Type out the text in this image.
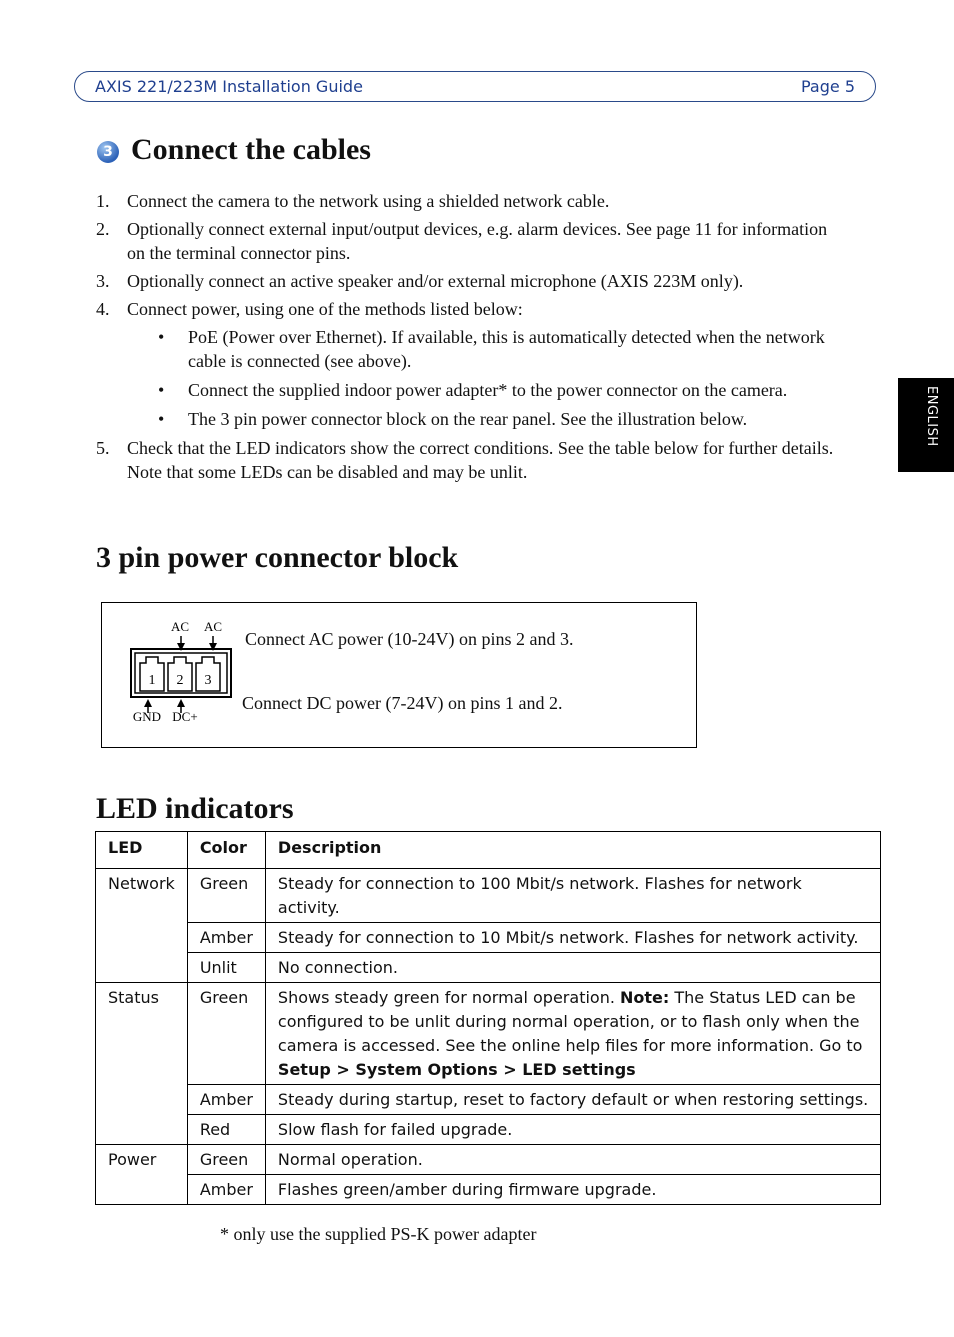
AXIS 221/223M Installation Guide	Page 5
ENGLISH
3 Connect the cables
1. Connect the camera to the network using a shielded network cable.
2. Optionally connect external input/output devices, e.g. alarm devices. See page 11 for information on the terminal connector pins.
3. Optionally connect an active speaker and/or external microphone (AXIS 223M only).
4. Connect power, using one of the methods listed below:
•	PoE (Power over Ethernet). If available, this is automatically detected when the network cable is connected (see above).
•	Connect the supplied indoor power adapter* to the power connector on the camera.
•	The 3 pin power connector block on the rear panel. See the illustration below.
5. Check that the LED indicators show the correct conditions. See the table below for further details. Note that some LEDs can be disabled and may be unlit.
3 pin power connector block
AC AC
1 2 3
GND DC+
Connect AC power (10-24V) on pins 2 and 3.
Connect DC power (7-24V) on pins 1 and 2.
LED indicators
LED	Color	Description
Network	Green	Steady for connection to 100 Mbit/s network. Flashes for network activity.
	Amber	Steady for connection to 10 Mbit/s network. Flashes for network activity.
	Unlit	No connection.
Status	Green	Shows steady green for normal operation. Note: The Status LED can be configured to be unlit during normal operation, or to flash only when the camera is accessed. See the online help files for more information. Go to Setup > System Options > LED settings
	Amber	Steady during startup, reset to factory default or when restoring settings.
	Red	Slow flash for failed upgrade.
Power	Green	Normal operation.
	Amber	Flashes green/amber during firmware upgrade.
* only use the supplied PS-K power adapter
